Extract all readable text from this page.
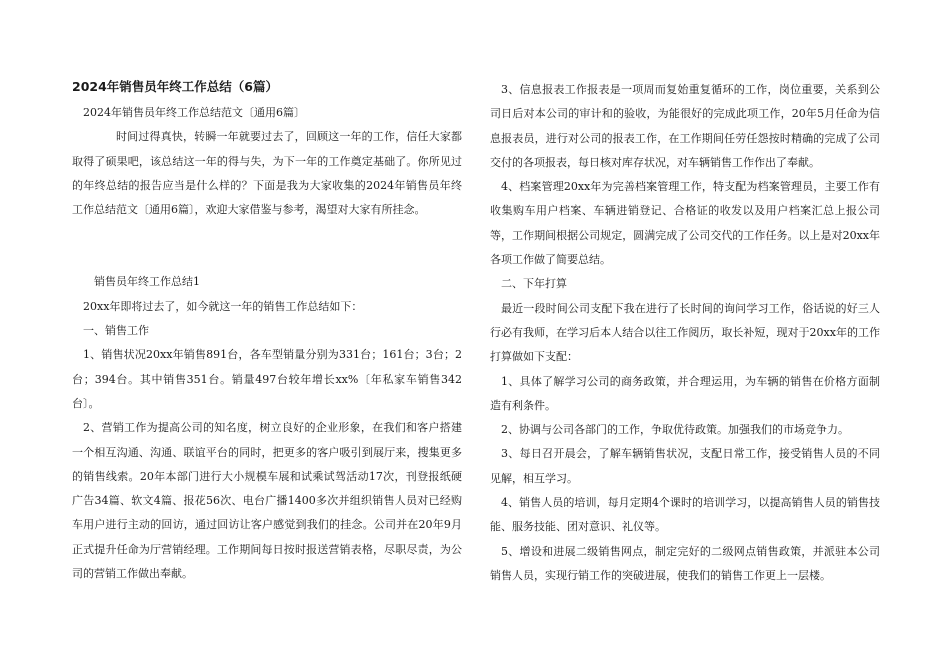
2024年销售员年终工作总结（6篇）

2024年销售员年终工作总结范文〔通用6篇〕

时间过得真快，转瞬一年就要过去了，回顾这一年的工作，信任大家都取得了硕果吧，该总结这一年的得与失，为下一年的工作奠定基础了。你所见过的年终总结的报告应当是什么样的？下面是我为大家收集的2024年销售员年终工作总结范文〔通用6篇〕，欢迎大家借鉴与参考，渴望对大家有所挂念。

销售员年终工作总结1

20xx年即将过去了，如今就这一年的销售工作总结如下：

一、销售工作

1、销售状况20xx年销售891台，各车型销量分别为331台；161台；3台；2台；394台。其中销售351台。销量497台较年增长xx%〔年私家车销售342台〕。

2、营销工作为提高公司的知名度，树立良好的企业形象，在我们和客户搭建一个相互沟通、沟通、联谊平台的同时，把更多的客户吸引到展厅来，搜集更多的销售线索。20年本部门进行大小规模车展和试乘试驾活动17次，刊登报纸硬广告34篇、软文4篇、报花56次、电台广播1400多次并组织销售人员对已经购车用户进行主动的回访，通过回访让客户感觉到我们的挂念。公司并在20年9月正式提升任命为厅营销经理。工作期间每日按时报送营销表格，尽职尽责，为公司的营销工作做出奉献。

3、信息报表工作报表是一项周而复始重复循环的工作，岗位重要，关系到公司日后对本公司的审计和的验收，为能很好的完成此项工作，20年5月任命为信息报表员，进行对公司的报表工作，在工作期间任劳任怨按时精确的完成了公司交付的各项报表，每日核对库存状况，对车辆销售工作作出了奉献。

4、档案管理20xx年为完善档案管理工作，特支配为档案管理员，主要工作有收集购车用户档案、车辆进销登记、合格证的收发以及用户档案汇总上报公司等，工作期间根据公司规定，圆满完成了公司交代的工作任务。以上是对20xx年各项工作做了简要总结。

二、下年打算

最近一段时间公司支配下我在进行了长时间的询问学习工作，俗话说的好三人行必有我师，在学习后本人结合以往工作阅历，取长补短，现对于20xx年的工作打算做如下支配：

1、具体了解学习公司的商务政策，并合理运用，为车辆的销售在价格方面制造有利条件。

2、协调与公司各部门的工作，争取优待政策。加强我们的市场竞争力。

3、每日召开晨会，了解车辆销售状况，支配日常工作，接受销售人员的不同见解，相互学习。

4、销售人员的培训，每月定期4个课时的培训学习，以提高销售人员的销售技能、服务技能、团对意识、礼仪等。

5、增设和进展二级销售网点，制定完好的二级网点销售政策，并派驻本公司销售人员，实现行销工作的突破进展，使我们的销售工作更上一层楼。
